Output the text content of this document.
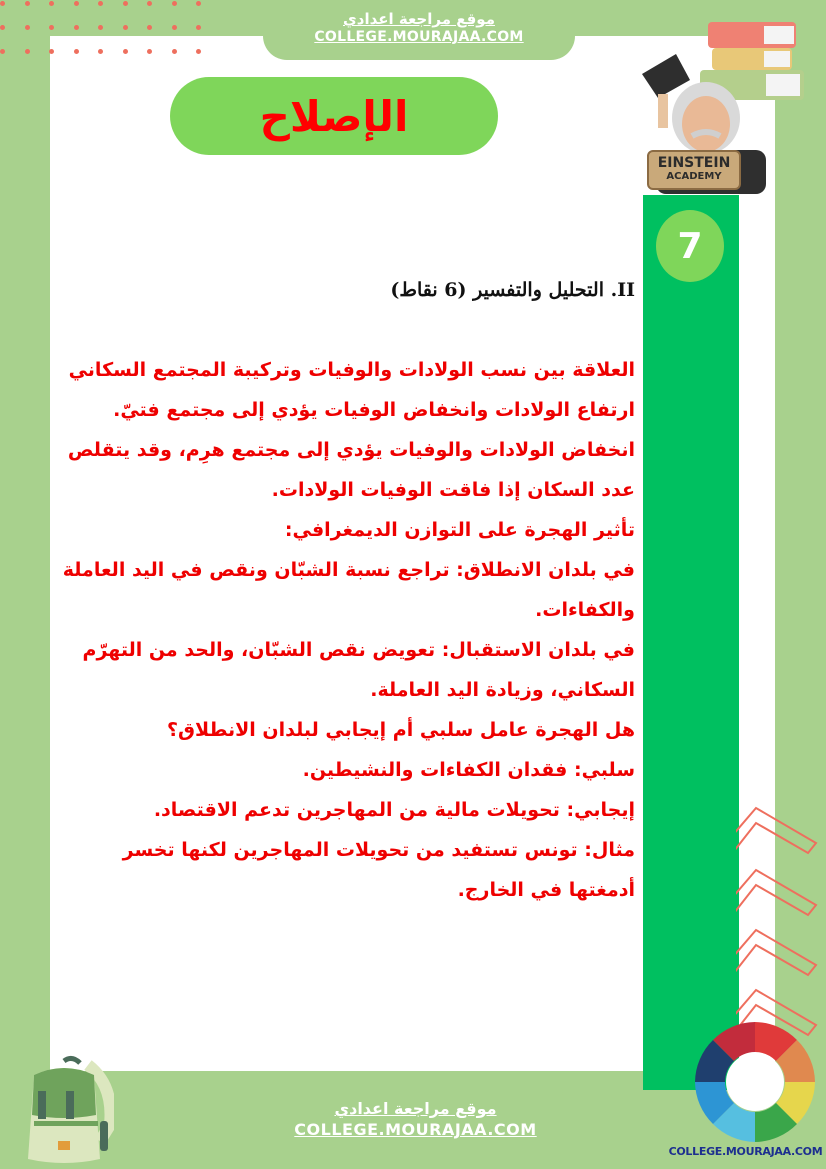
موقع مراجعة اعدادي
COLLEGE.MOURAJAA.COM
الإصلاح
EINSTEIN
ACADEMY
7
II. التحليل والتفسير (6 نقاط)
العلاقة بين نسب الولادات والوفيات وتركيبة المجتمع السكاني
ارتفاع الولادات وانخفاض الوفيات يؤدي إلى مجتمع فتيّ.
انخفاض الولادات والوفيات يؤدي إلى مجتمع هرِم، وقد يتقلص
عدد السكان إذا فاقت الوفيات الولادات.
تأثير الهجرة على التوازن الديمغرافي:
في بلدان الانطلاق: تراجع نسبة الشبّان ونقص في اليد العاملة
والكفاءات.
في بلدان الاستقبال: تعويض نقص الشبّان، والحد من التهرّم
السكاني، وزيادة اليد العاملة.
هل الهجرة عامل سلبي أم إيجابي لبلدان الانطلاق؟
سلبي: فقدان الكفاءات والنشيطين.
إيجابي: تحويلات مالية من المهاجرين تدعم الاقتصاد.
مثال: تونس تستفيد من تحويلات المهاجرين لكنها تخسر
أدمغتها في الخارج.
COLLEGE.MOURAJAA.COM
موقع مراجعة اعدادي
COLLEGE.MOURAJAA.COM
